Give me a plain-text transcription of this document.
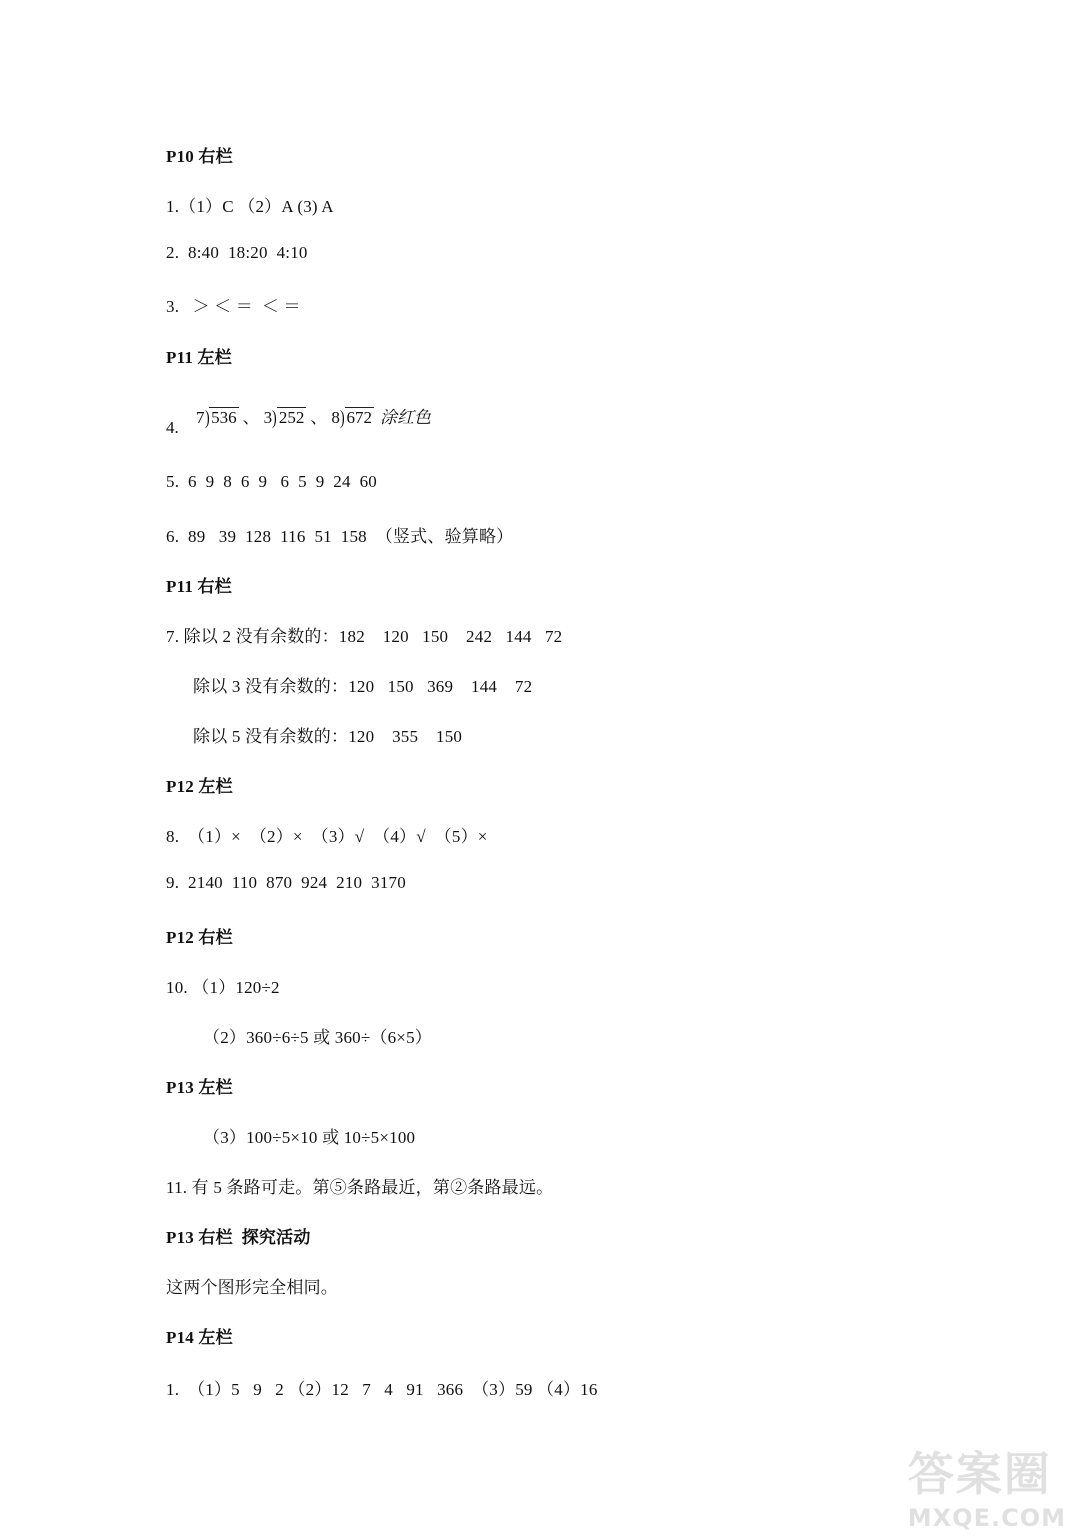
P10 右栏
1.（1）C （2）A (3) A
2.  8:40  18:20  4:10
3.   ＞ ＜ ＝  ＜ ＝
P11 左栏
4.
7 ) 536 、 3 ) 252 、 8 ) 672 涂红色
5.  6  9  8  6  9   6  5  9  24  60
6.  89   39  128  116  51  158  （竖式、验算略）
P11 右栏
7. 除以 2 没有余数的：182    120   150    242   144   72
除以 3 没有余数的：120   150   369    144    72
除以 5 没有余数的：120    355    150
P12 左栏
8.  （1）×  （2）×  （3）√  （4）√  （5）×
9.  2140  110  870  924  210  3170
P12 右栏
10. （1）120÷2
（2）360÷6÷5 或 360÷（6×5）
P13 左栏
（3）100÷5×10 或 10÷5×100
11. 有 5 条路可走。第⑤条路最近，第②条路最远。
P13 右栏  探究活动
这两个图形完全相同。
P14 左栏
1.  （1）5   9   2 （2）12   7   4   91   366  （3）59 （4）16
答案圈
MXQE.COM
